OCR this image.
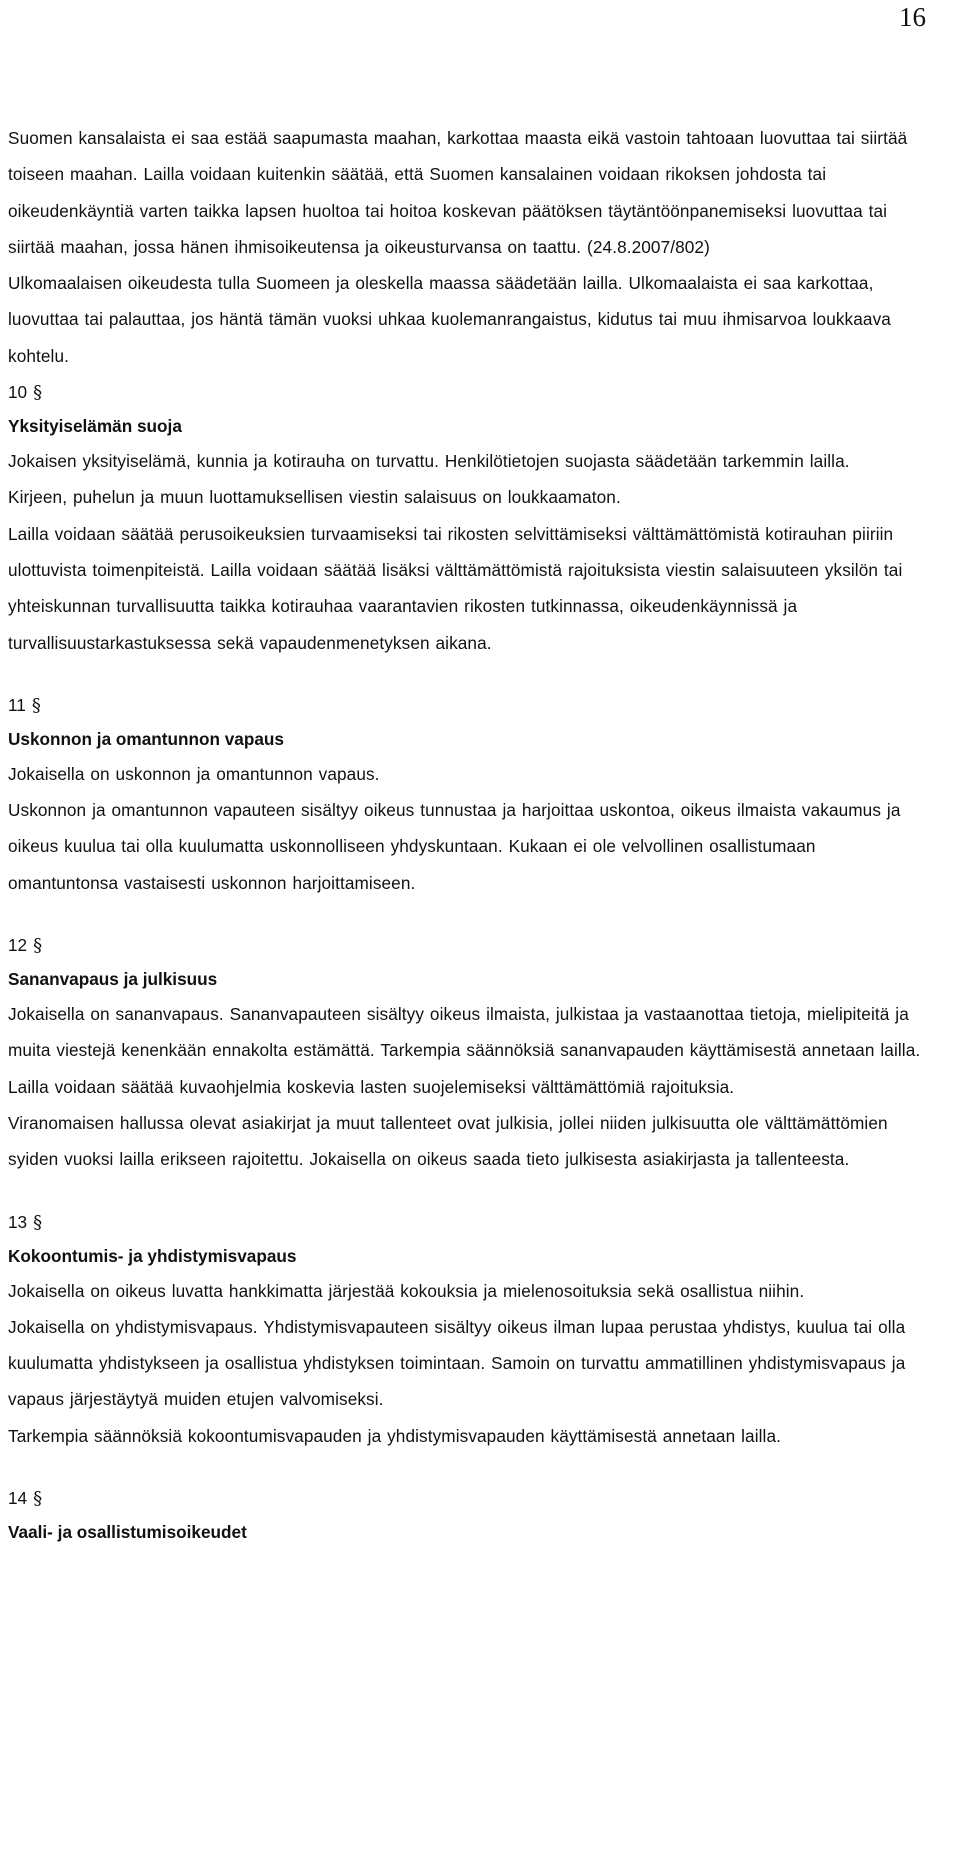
16

Suomen kansalaista ei saa estää saapumasta maahan, karkottaa maasta eikä vastoin tahtoaan luovuttaa tai siirtää toiseen maahan. Lailla voidaan kuitenkin säätää, että Suomen kansalainen voidaan rikoksen johdosta tai oikeudenkäyntiä varten taikka lapsen huoltoa tai hoitoa koskevan päätöksen täytäntöönpanemiseksi luovuttaa tai siirtää maahan, jossa hänen ihmisoikeutensa ja oikeusturvansa on taattu. (24.8.2007/802)

Ulkomaalaisen oikeudesta tulla Suomeen ja oleskella maassa säädetään lailla. Ulkomaalaista ei saa karkottaa, luovuttaa tai palauttaa, jos häntä tämän vuoksi uhkaa kuolemanrangaistus, kidutus tai muu ihmisarvoa loukkaava kohtelu.

10 §

Yksityiselämän suoja

Jokaisen yksityiselämä, kunnia ja kotirauha on turvattu. Henkilötietojen suojasta säädetään tarkemmin lailla.

Kirjeen, puhelun ja muun luottamuksellisen viestin salaisuus on loukkaamaton.

Lailla voidaan säätää perusoikeuksien turvaamiseksi tai rikosten selvittämiseksi välttämättömistä kotirauhan piiriin ulottuvista toimenpiteistä. Lailla voidaan säätää lisäksi välttämättömistä rajoituksista viestin salaisuuteen yksilön tai yhteiskunnan turvallisuutta taikka kotirauhaa vaarantavien rikosten tutkinnassa, oikeudenkäynnissä ja turvallisuustarkastuksessa sekä vapaudenmenetyksen aikana.

11 §

Uskonnon ja omantunnon vapaus

Jokaisella on uskonnon ja omantunnon vapaus.

Uskonnon ja omantunnon vapauteen sisältyy oikeus tunnustaa ja harjoittaa uskontoa, oikeus ilmaista vakaumus ja oikeus kuulua tai olla kuulumatta uskonnolliseen yhdyskuntaan. Kukaan ei ole velvollinen osallistumaan omantuntonsa vastaisesti uskonnon harjoittamiseen.

12 §

Sananvapaus ja julkisuus

Jokaisella on sananvapaus. Sananvapauteen sisältyy oikeus ilmaista, julkistaa ja vastaanottaa tietoja, mielipiteitä ja muita viestejä kenenkään ennakolta estämättä. Tarkempia säännöksiä sananvapauden käyttämisestä annetaan lailla. Lailla voidaan säätää kuvaohjelmia koskevia lasten suojelemiseksi välttämättömiä rajoituksia.

Viranomaisen hallussa olevat asiakirjat ja muut tallenteet ovat julkisia, jollei niiden julkisuutta ole välttämättömien syiden vuoksi lailla erikseen rajoitettu. Jokaisella on oikeus saada tieto julkisesta asiakirjasta ja tallenteesta.

13 §

Kokoontumis- ja yhdistymisvapaus

Jokaisella on oikeus luvatta hankkimatta järjestää kokouksia ja mielenosoituksia sekä osallistua niihin.

Jokaisella on yhdistymisvapaus. Yhdistymisvapauteen sisältyy oikeus ilman lupaa perustaa yhdistys, kuulua tai olla kuulumatta yhdistykseen ja osallistua yhdistyksen toimintaan. Samoin on turvattu ammatillinen yhdistymisvapaus ja vapaus järjestäytyä muiden etujen valvomiseksi.

Tarkempia säännöksiä kokoontumisvapauden ja yhdistymisvapauden käyttämisestä annetaan lailla.

14 §

Vaali- ja osallistumisoikeudet
